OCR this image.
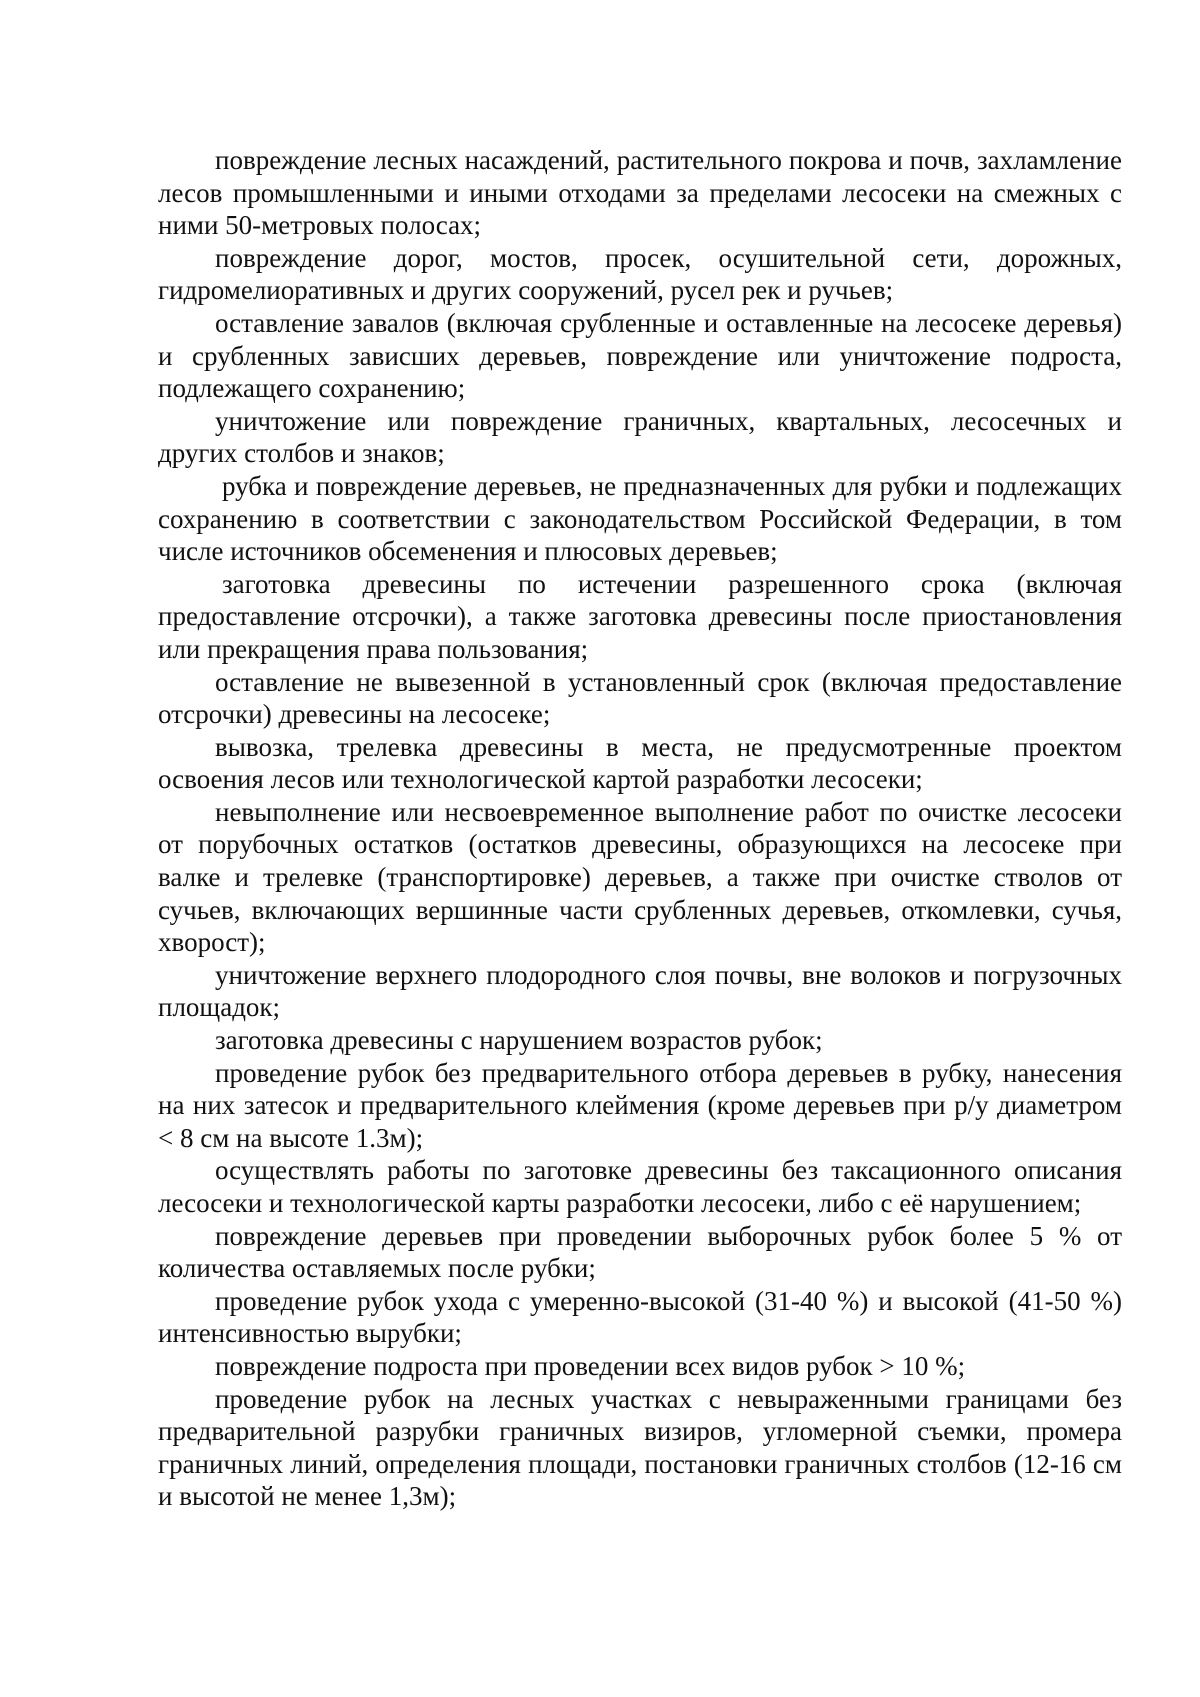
повреждение лесных насаждений, растительного покрова и почв, захламление лесов промышленными и иными отходами за пределами лесосеки на смежных с ними 50-метровых полосах;

повреждение дорог, мостов, просек, осушительной сети, дорожных, гидромелиоративных и других сооружений, русел рек и ручьев;

оставление завалов (включая срубленные и оставленные на лесосеке деревья) и срубленных зависших деревьев, повреждение или уничтожение подроста, подлежащего сохранению;

уничтожение или повреждение граничных, квартальных, лесосечных и других столбов и знаков;

рубка и повреждение деревьев, не предназначенных для рубки и подлежащих сохранению в соответствии с законодательством Российской Федерации, в том числе источников обсеменения и плюсовых деревьев;

заготовка древесины по истечении разрешенного срока (включая предоставление отсрочки), а также заготовка древесины после приостановления или прекращения права пользования;

оставление не вывезенной в установленный срок (включая предоставление отсрочки) древесины на лесосеке;

вывозка, трелевка древесины в места, не предусмотренные проектом освоения лесов или технологической картой разработки лесосеки;

невыполнение или несвоевременное выполнение работ по очистке лесосеки от порубочных остатков (остатков древесины, образующихся на лесосеке при валке и трелевке (транспортировке) деревьев, а также при очистке стволов от сучьев, включающих вершинные части срубленных деревьев, откомлевки, сучья, хворост);

уничтожение верхнего плодородного слоя почвы, вне волоков и погрузочных площадок;

заготовка древесины с нарушением возрастов рубок;

проведение рубок без предварительного отбора деревьев в рубку, нанесения на них затесок и предварительного клеймения (кроме деревьев при р/у диаметром < 8 см на высоте 1.3м);

осуществлять работы по заготовке древесины без таксационного описания лесосеки и технологической карты разработки лесосеки, либо с её нарушением;

повреждение деревьев при проведении выборочных рубок более 5 % от количества оставляемых после рубки;

проведение рубок ухода с умеренно-высокой (31-40 %) и высокой (41-50 %) интенсивностью вырубки;

повреждение подроста при проведении всех видов рубок > 10 %;

проведение рубок на лесных участках с невыраженными границами без предварительной разрубки граничных визиров, угломерной съемки, промера граничных линий, определения площади, постановки граничных столбов (12-16 см и высотой не менее 1,3м);
